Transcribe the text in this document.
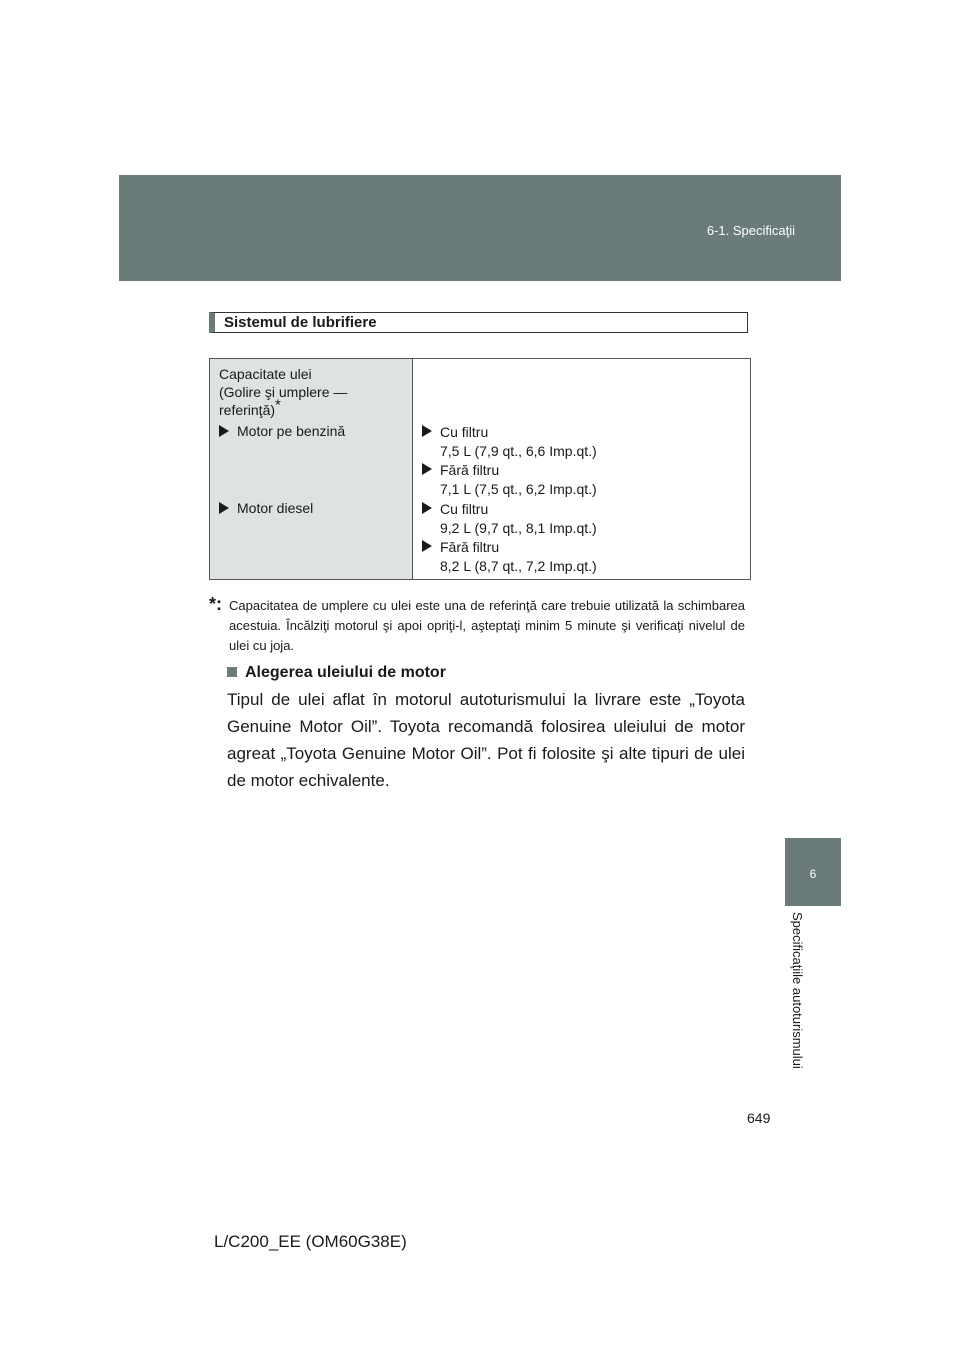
6-1. Specificaţii
6
Specificaţiile autoturismului
Sistemul de lubrifiere
Capacitate ulei
(Golire şi umplere —
referinţă)*
Motor pe benzină
Motor diesel
Cu filtru
7,5 L (7,9 qt., 6,6 Imp.qt.)
Fără filtru
7,1 L (7,5 qt., 6,2 Imp.qt.)
Cu filtru
9,2 L (9,7 qt., 8,1 Imp.qt.)
Fără filtru
8,2 L (8,7 qt., 7,2 Imp.qt.)
*: Capacitatea de umplere cu ulei este una de referinţă care trebuie utilizată la schimbarea acestuia. Încălziţi motorul şi apoi opriţi-l, aşteptaţi minim 5 minute şi verificaţi nivelul de ulei cu joja.
Alegerea uleiului de motor
Tipul de ulei aflat în motorul autoturismului la livrare este „Toyota Genuine Motor Oil”. Toyota recomandă folosirea uleiului de motor agreat „Toyota Genuine Motor Oil”. Pot fi folosite şi alte tipuri de ulei de motor echivalente.
649
L/C200_EE (OM60G38E)
